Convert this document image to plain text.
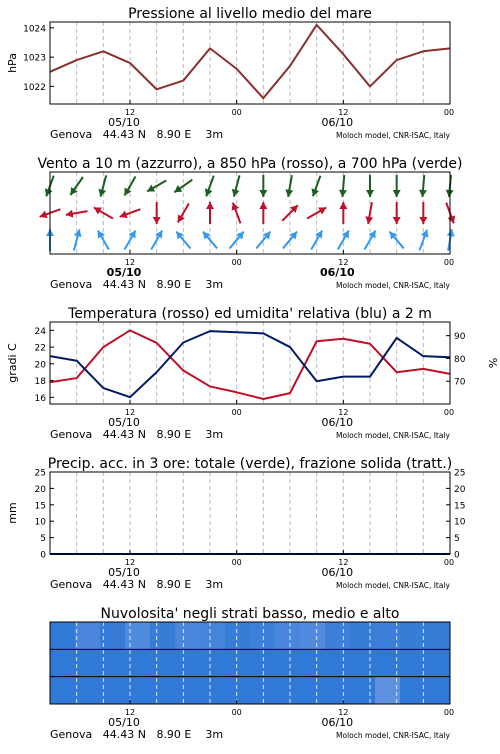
Pressione al livello medio del mare
1022
1023
1024
hPa
12	00	12	00
05/10	06/10
Genova   44.43 N   8.90 E    3m	Moloch model, CNR-ISAC, Italy
Vento a 10 m (azzurro), a 850 hPa (rosso), a 700 hPa (verde)
12	00	12	00
05/10	06/10
Genova   44.43 N   8.90 E    3m	Moloch model, CNR-ISAC, Italy
Temperatura (rosso) ed umidita' relativa (blu) a 2 m
16
18
20
22
24
70
80
90
gradi C	%
12	00	12	00
05/10	06/10
Genova   44.43 N   8.90 E    3m	Moloch model, CNR-ISAC, Italy
Precip. acc. in 3 ore: totale (verde), frazione solida (tratt.)
0	0
5	5
10	10
15	15
20	20
25	25
mm
12	00	12	00
05/10	06/10
Genova   44.43 N   8.90 E    3m	Moloch model, CNR-ISAC, Italy
Nuvolosita' negli strati basso, medio e alto
12	00	12	00
05/10	06/10
Genova   44.43 N   8.90 E    3m	Moloch model, CNR-ISAC, Italy
